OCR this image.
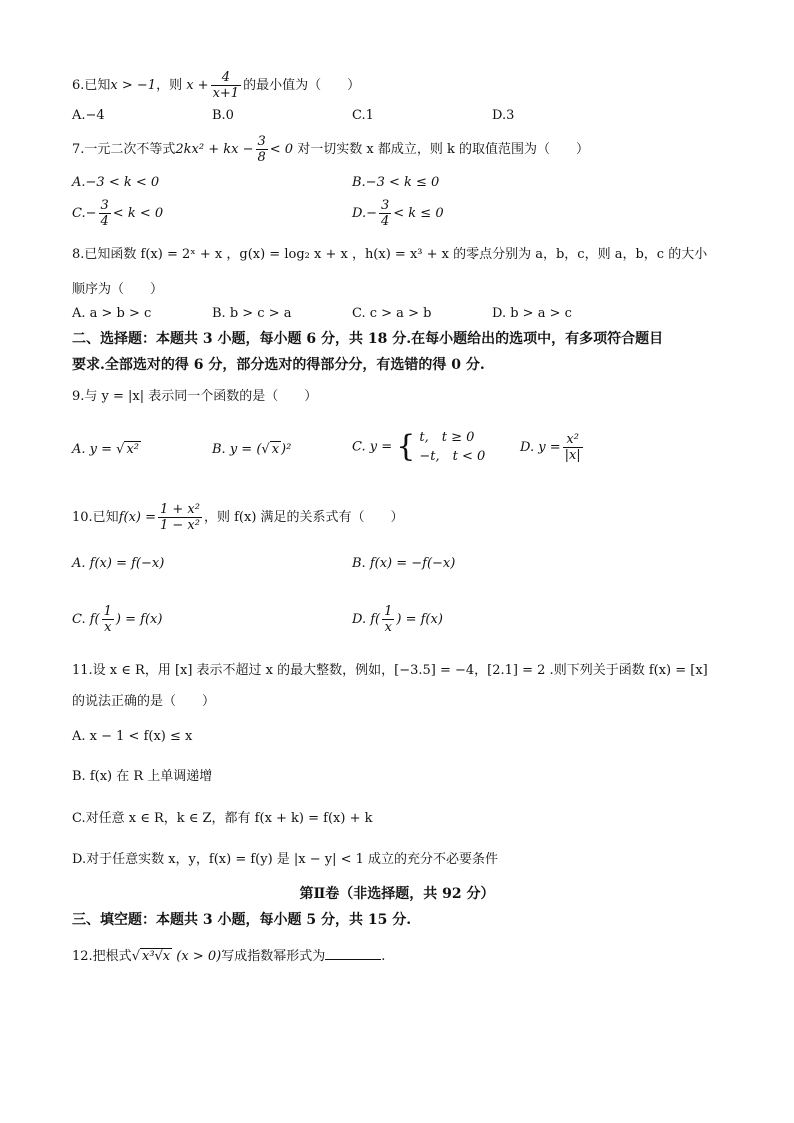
6.已知x > −1，则 $x + \frac{4}{x+1}$ 的最小值为（　　）
A.−4	B.0	C.1	D.3
7.一元二次不等式2kx² + kx − $\frac{3}{8} < 0$ 对一切实数 x 都成立，则 k 的取值范围为（　　）
A.−3 < k < 0	B.−3 < k ≤ 0
$C.- \frac{3}{4} < k < 0$	$D.- \frac{3}{4} < k \le 0$
8.已知函数 f(x) = 2ˣ + x ，g(x) = log₂ x + x ，h(x) = x³ + x 的零点分别为 a，b，c，则 a，b，c 的大小
顺序为（　　）
A. a > b > c	B. b > c > a	C. c > a > b	D. b > a > c
二、选择题：本题共 3 小题，每小题 6 分，共 18 分.在每小题给出的选项中，有多项符合题目
要求.全部选对的得 6 分，部分选对的得部分分，有选错的得 0 分.
9.与 y = |x| 表示同一个函数的是（　　）
A. y = √ x²	B. y = (√ x )²	C. y = { t,　t ≥ 0
−t,　t < 0
D. $y = \frac{\text{x²}}{|x|}$
10.已知$f(x) = \frac{\text{1 + x²}}{\text{1 − x²}}$ ，则 f(x) 满足的关系式有（　　）
A. f(x) = f(−x)	B. f(x) = −f(−x)
C. $f( \frac{1}{x}$ ) = f(x)	D. $f( \frac{1}{x}$ ) = f(x)
11.设 x ∈ R，用 [x] 表示不超过 x 的最大整数，例如，[−3.5] = −4，[2.1] = 2 .则下列关于函数 f(x) = [x]
的说法正确的是（　　）
A. x − 1 < f(x) ≤ x
B. f(x) 在 R 上单调递增
C.对任意 x ∈ R，k ∈ Z，都有 f(x + k) = f(x) + k
D.对于任意实数 x，y，f(x) = f(y) 是 |x − y| < 1 成立的充分不必要条件
第Ⅱ卷（非选择题，共 92 分）
三、填空题：本题共 3 小题，每小题 5 分，共 15 分.
12.把根式√ x³√x (x > 0)写成指数幂形式为	.
